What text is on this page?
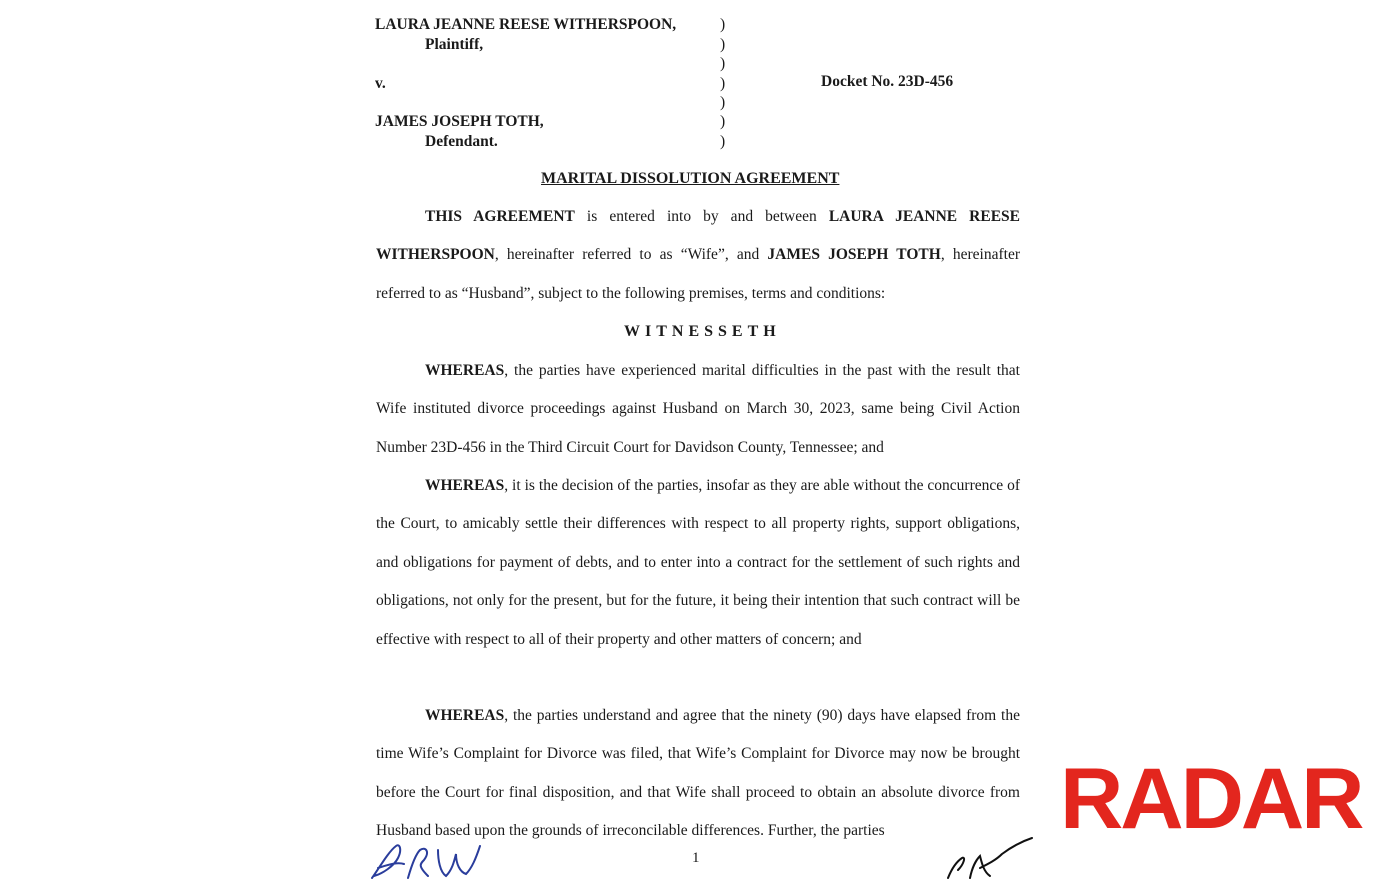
LAURA JEANNE REESE WITHERSPOON,
Plaintiff,
v.
JAMES JOSEPH TOTH,
Defendant.
)
)
)
)
)
)
)
Docket No. 23D-456
MARITAL DISSOLUTION AGREEMENT

THIS AGREEMENT is entered into by and between LAURA JEANNE REESE WITHERSPOON, hereinafter referred to as “Wife”, and JAMES JOSEPH TOTH, hereinafter referred to as “Husband”, subject to the following premises, terms and conditions:

WITNESSETH

WHEREAS, the parties have experienced marital difficulties in the past with the result that Wife instituted divorce proceedings against Husband on March 30, 2023, same being Civil Action Number 23D-456 in the Third Circuit Court for Davidson County, Tennessee; and

WHEREAS, it is the decision of the parties, insofar as they are able without the concurrence of the Court, to amicably settle their differences with respect to all property rights, support obligations, and obligations for payment of debts, and to enter into a contract for the settlement of such rights and obligations, not only for the present, but for the future, it being their intention that such contract will be effective with respect to all of their property and other matters of concern; and

WHEREAS, the parties understand and agree that the ninety (90) days have elapsed from the time Wife’s Complaint for Divorce was filed, that Wife’s Complaint for Divorce may now be brought before the Court for final disposition, and that Wife shall proceed to obtain an absolute divorce from Husband based upon the grounds of irreconcilable differences. Further, the parties

1
RADAR
